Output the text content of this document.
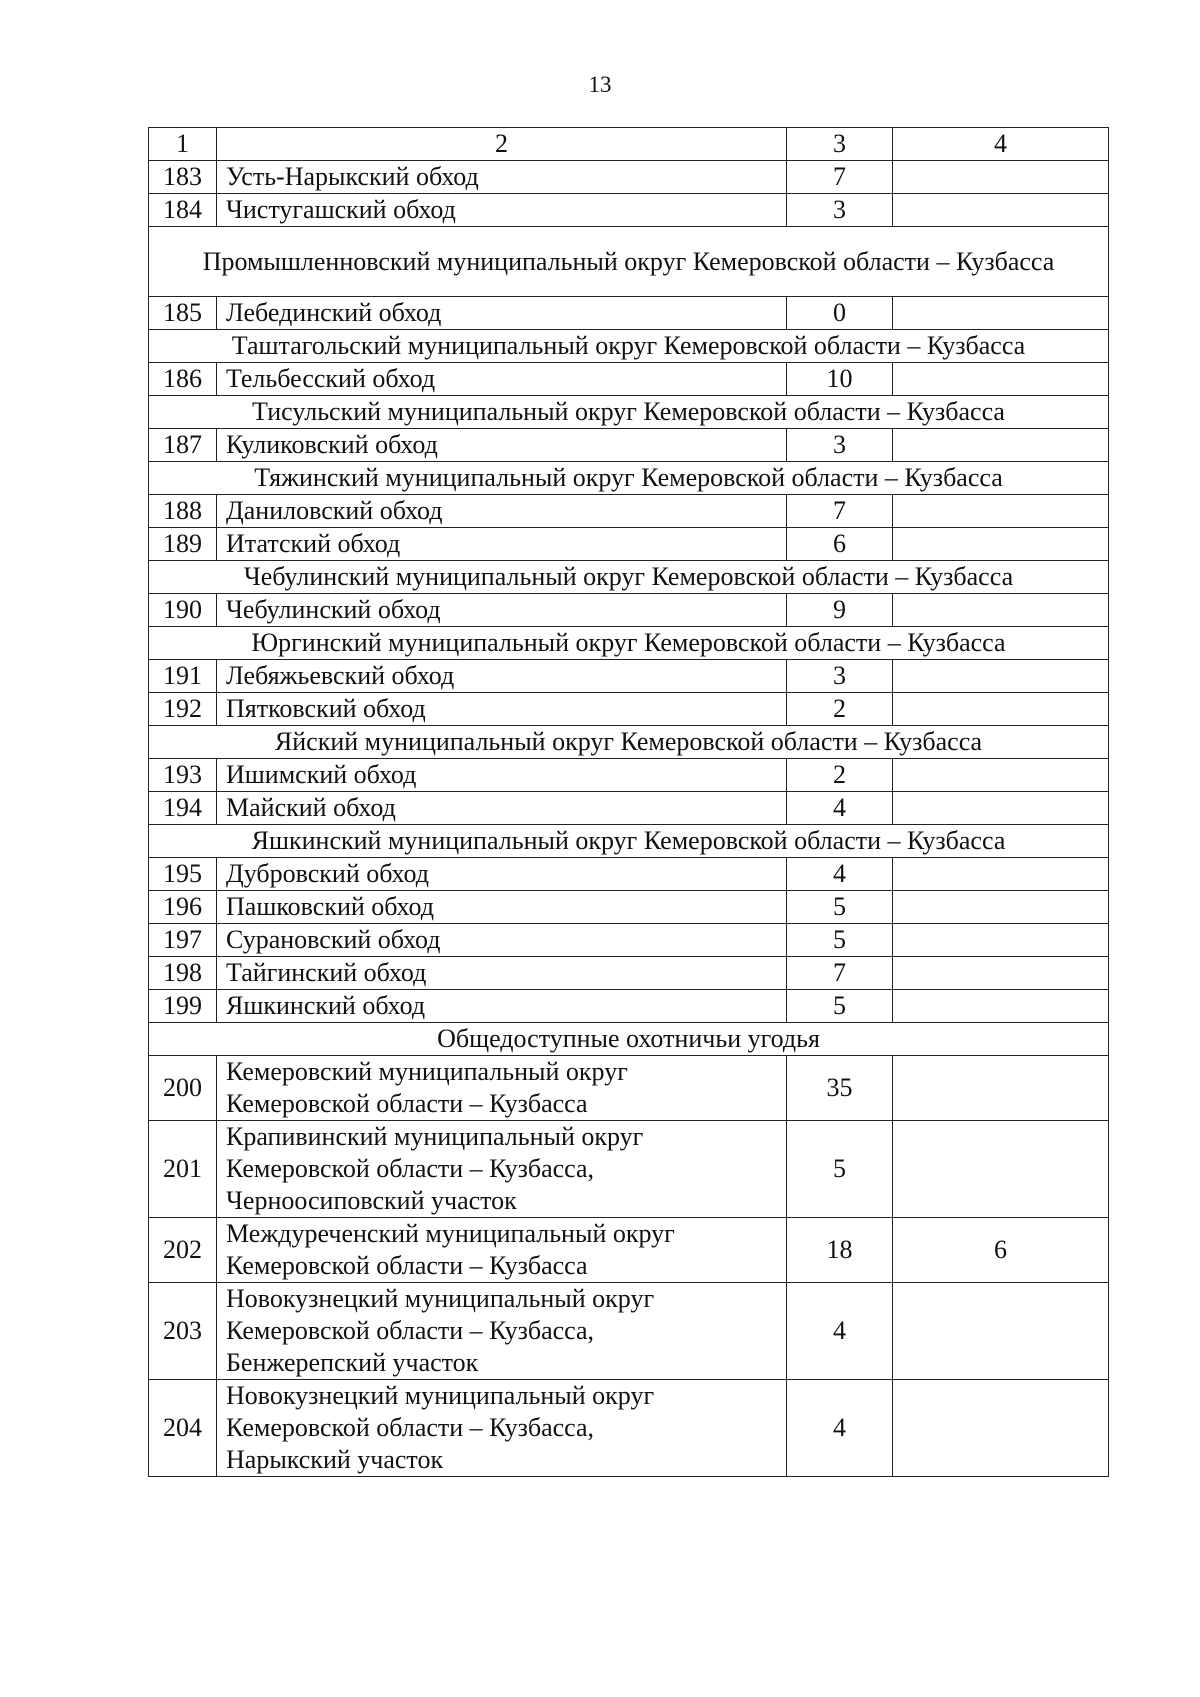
13
1	2	3	4
183	Усть-Нарыкский обход	7	
184	Чистугашский обход	3	
Промышленновский муниципальный округ Кемеровской области – Кузбасса			
185	Лебединский обход	0	
Таштагольский муниципальный округ Кемеровской области – Кузбасса			
186	Тельбесский обход	10	
Тисульский муниципальный округ Кемеровской области – Кузбасса			
187	Куликовский обход	3	
Тяжинский муниципальный округ Кемеровской области – Кузбасса			
188	Даниловский обход	7	
189	Итатский обход	6	
Чебулинский муниципальный округ Кемеровской области – Кузбасса			
190	Чебулинский обход	9	
Юргинский муниципальный округ Кемеровской области – Кузбасса			
191	Лебяжьевский обход	3	
192	Пятковский обход	2	
Яйский муниципальный округ Кемеровской области – Кузбасса			
193	Ишимский обход	2	
194	Майский обход	4	
Яшкинский муниципальный округ Кемеровской области – Кузбасса			
195	Дубровский обход	4	
196	Пашковский обход	5	
197	Сурановский обход	5	
198	Тайгинский обход	7	
199	Яшкинский обход	5	
Общедоступные охотничьи угодья			
200	Кемеровский муниципальный округ
Кемеровской области – Кузбасса	35	
201	Крапивинский муниципальный округ
Кемеровской области – Кузбасса,
Черноосиповский участок	5	
202	Междуреченский муниципальный округ
Кемеровской области – Кузбасса	18	6
203	Новокузнецкий муниципальный округ
Кемеровской области – Кузбасса,
Бенжерепский участок	4	
204	Новокузнецкий муниципальный округ
Кемеровской области – Кузбасса,
Нарыкский участок	4	
